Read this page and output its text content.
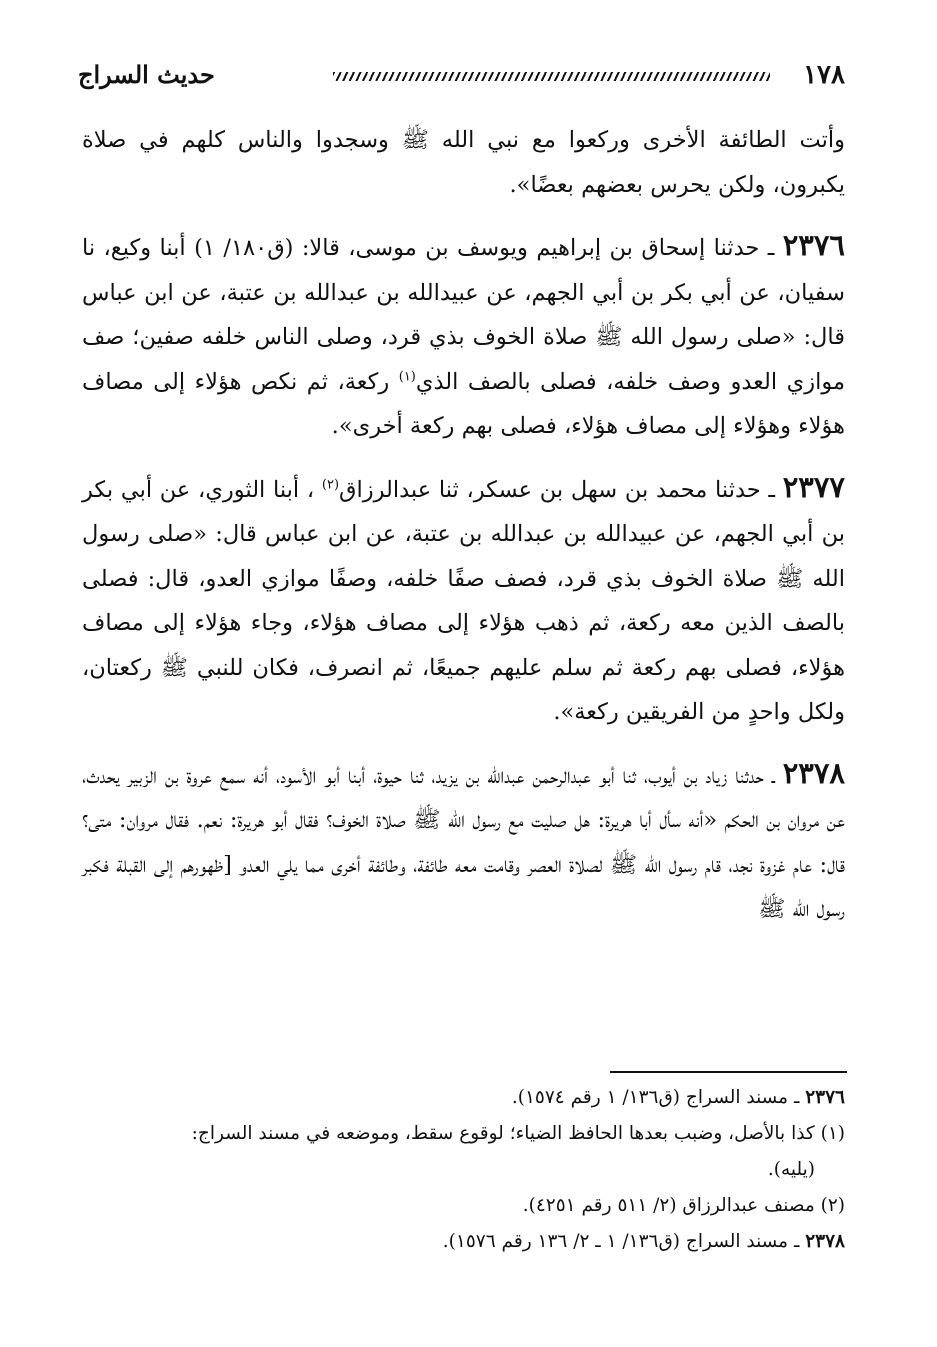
١٧٨
حديث السراج

وأتت الطائفة الأخرى وركعوا مع نبي الله ﷺ وسجدوا والناس كلهم في صلاة يكبرون، ولكن يحرس بعضهم بعضًا».

٢٣٧٦ ـ حدثنا إسحاق بن إبراهيم ويوسف بن موسى، قالا: (ق١٨٠/ ١) أبنا وكيع، نا سفيان، عن أبي بكر بن أبي الجهم، عن عبيدالله بن عبدالله بن عتبة، عن ابن عباس قال: «صلى رسول الله ﷺ صلاة الخوف بذي قرد، وصلى الناس خلفه صفين؛ صف موازي العدو وصف خلفه، فصلى بالصف الذي$^{(١)}$ ركعة، ثم نكص هؤلاء إلى مصاف هؤلاء وهؤلاء إلى مصاف هؤلاء، فصلى بهم ركعة أخرى».

٢٣٧٧ ـ حدثنا محمد بن سهل بن عسكر، ثنا عبدالرزاق$^{(٢)}$ ، أبنا الثوري، عن أبي بكر بن أبي الجهم، عن عبيدالله بن عبدالله بن عتبة، عن ابن عباس قال: «صلى رسول الله ﷺ صلاة الخوف بذي قرد، فصف صفًا خلفه، وصفًا موازي العدو، قال: فصلى بالصف الذين معه ركعة، ثم ذهب هؤلاء إلى مصاف هؤلاء، وجاء هؤلاء إلى مصاف هؤلاء، فصلى بهم ركعة ثم سلم عليهم جميعًا، ثم انصرف، فكان للنبي ﷺ ركعتان، ولكل واحدٍ من الفريقين ركعة».

٢٣٧٨ ـ حدثنا زياد بن أيوب، ثنا أبو عبدالرحمن عبدالله بن يزيد، ثنا حيوة، أبنا أبو الأسود، أنه سمع عروة بن الزبير يحدث، عن مروان بن الحكم «أنه سأل أبا هريرة: هل صليت مع رسول الله ﷺ صلاة الخوف؟ فقال أبو هريرة: نعم. فقال مروان: متى؟ قال: عام غزوة نجد، قام رسول الله ﷺ لصلاة العصر وقامت معه طائفة، وطائفة أخرى مما يلي العدو [ظهورهم إلى القبلة فكبر رسول الله ﷺ

٢٣٧٦ ـ مسند السراج (ق١٣٦/ ١ رقم ١٥٧٤).

(١) كذا بالأصل، وضبب بعدها الحافظ الضياء؛ لوقوع سقط، وموضعه في مسند السراج:

(يليه).

(٢) مصنف عبدالرزاق (٢/ ٥١١ رقم ٤٢٥١).

٢٣٧٨ ـ مسند السراج (ق١٣٦/ ١ ـ ٢/ ١٣٦ رقم ١٥٧٦).
